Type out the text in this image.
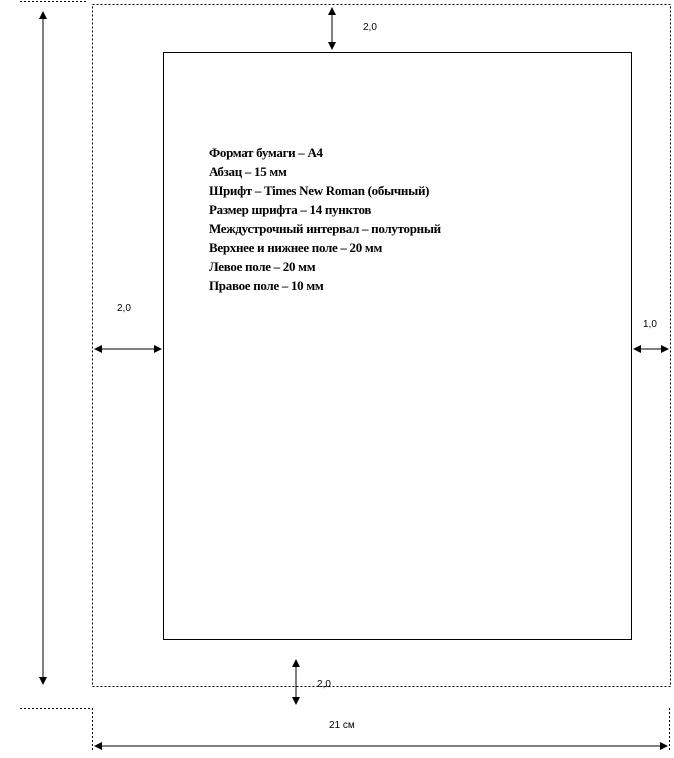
Формат бумаги – А4
Абзац – 15 мм
Шрифт – Times New Roman (обычный)
Размер шрифта – 14 пунктов
Междустрочный интервал – полуторный
Верхнее и нижнее поле – 20 мм
Левое поле – 20 мм
Правое поле – 10 мм
2,0
2,0
1,0
2,0
21 см
